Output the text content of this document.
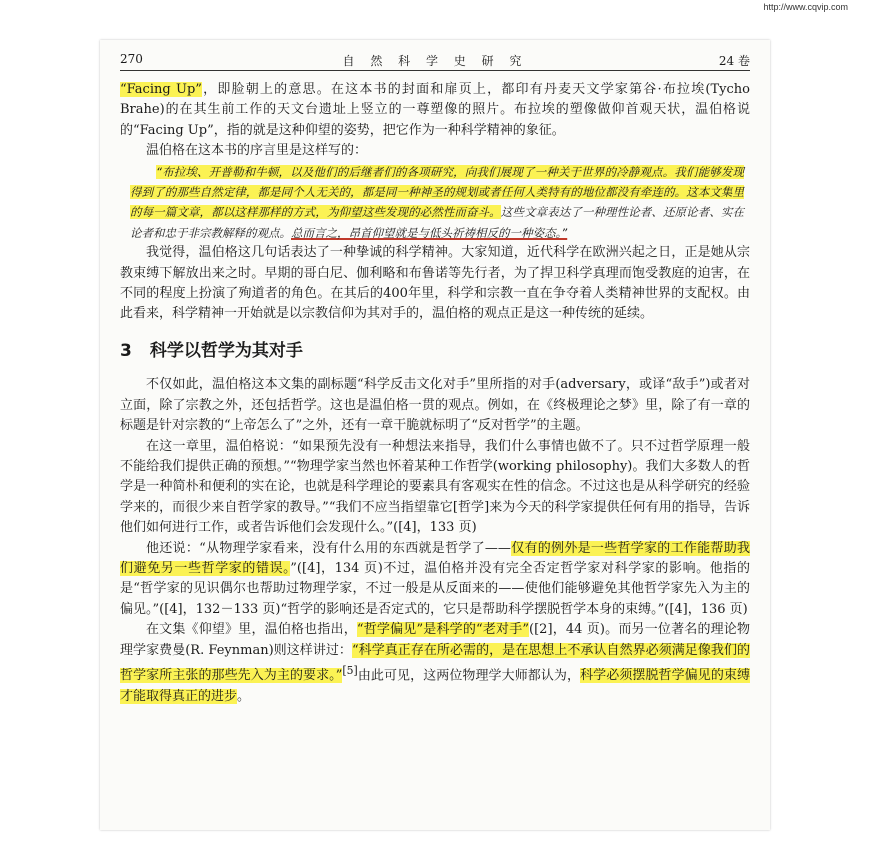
http://www.cqvip.com
270	自 然 科 学 史 研 究	24 卷

“Facing Up”，即脸朝上的意思。在这本书的封面和扉页上，都印有丹麦天文学家第谷·布拉埃(Tycho Brahe)的在其生前工作的天文台遗址上竖立的一尊塑像的照片。布拉埃的塑像做仰首观天状，温伯格说的“Facing Up”，指的就是这种仰望的姿势，把它作为一种科学精神的象征。

温伯格在这本书的序言里是这样写的：

“布拉埃、开普勒和牛顿，以及他们的后继者们的各项研究，向我们展现了一种关于世界的冷静观点。我们能够发现得到了的那些自然定律，都是同个人无关的，都是同一种神圣的规划或者任何人类特有的地位都没有牵连的。这本文集里的每一篇文章，都以这样那样的方式，为仰望这些发现的必然性而奋斗。这些文章表达了一种理性论者、还原论者、实在论者和忠于非宗教解释的观点。总而言之，昂首仰望就是与低头祈祷相反的一种姿态。”

我觉得，温伯格这几句话表达了一种挚诚的科学精神。大家知道，近代科学在欧洲兴起之日，正是她从宗教束缚下解放出来之时。早期的哥白尼、伽利略和布鲁诺等先行者，为了捍卫科学真理而饱受教庭的迫害，在不同的程度上扮演了殉道者的角色。在其后的400年里，科学和宗教一直在争夺着人类精神世界的支配权。由此看来，科学精神一开始就是以宗教信仰为其对手的，温伯格的观点正是这一种传统的延续。

3 科学以哲学为其对手

不仅如此，温伯格这本文集的副标题“科学反击文化对手”里所指的对手(adversary，或译“敌手”)或者对立面，除了宗教之外，还包括哲学。这也是温伯格一贯的观点。例如，在《终极理论之梦》里，除了有一章的标题是针对宗教的“上帝怎么了”之外，还有一章干脆就标明了“反对哲学”的主题。

在这一章里，温伯格说：“如果预先没有一种想法来指导，我们什么事情也做不了。只不过哲学原理一般不能给我们提供正确的预想。”“物理学家当然也怀着某种工作哲学(working philosophy)。我们大多数人的哲学是一种简朴和便利的实在论，也就是科学理论的要素具有客观实在性的信念。不过这也是从科学研究的经验学来的，而很少来自哲学家的教导。”“我们不应当指望靠它[哲学]来为今天的科学家提供任何有用的指导，告诉他们如何进行工作，或者告诉他们会发现什么。”([4]，133 页)

他还说：“从物理学家看来，没有什么用的东西就是哲学了——仅有的例外是一些哲学家的工作能帮助我们避免另一些哲学家的错误。”([4]，134 页)不过，温伯格并没有完全否定哲学家对科学家的影响。他指的是“哲学家的见识偶尔也帮助过物理学家，不过一般是从反面来的——使他们能够避免其他哲学家先入为主的偏见。”([4]，132－133 页)“哲学的影响还是否定式的，它只是帮助科学摆脱哲学本身的束缚。”([4]，136 页)

在文集《仰望》里，温伯格也指出，“哲学偏见”是科学的“老对手”([2]，44 页)。而另一位著名的理论物理学家费曼(R. Feynman)则这样讲过：“科学真正存在所必需的，是在思想上不承认自然界必须满足像我们的哲学家所主张的那些先入为主的要求。”[5]由此可见，这两位物理学大师都认为，科学必须摆脱哲学偏见的束缚才能取得真正的进步。
